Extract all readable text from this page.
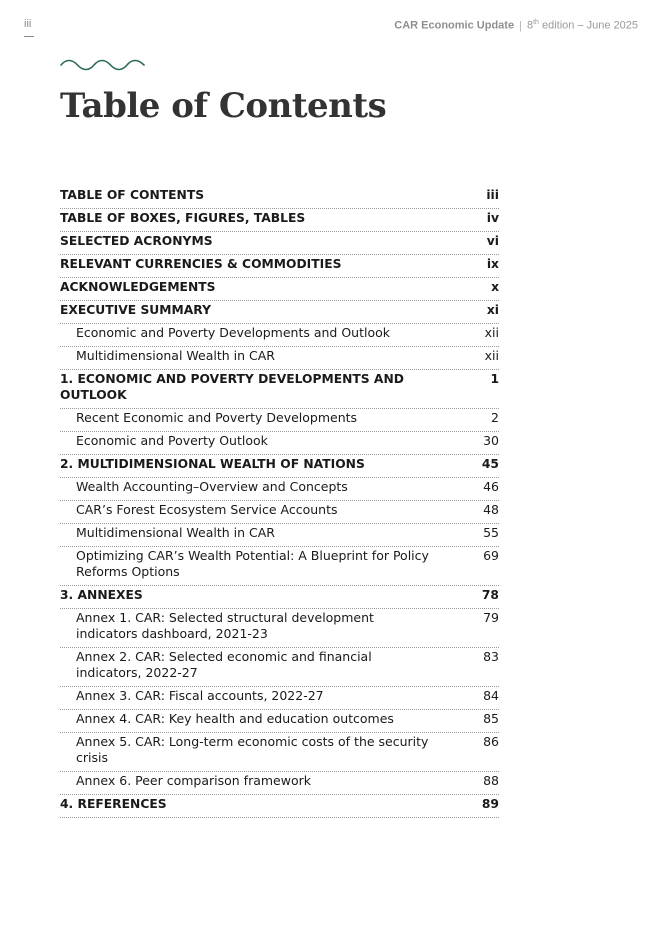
iii	CAR Economic Update | 8th edition – June 2025
Table of Contents
TABLE OF CONTENTS	iii
TABLE OF BOXES, FIGURES, TABLES	iv
SELECTED ACRONYMS	vi
RELEVANT CURRENCIES & COMMODITIES	ix
ACKNOWLEDGEMENTS	x
EXECUTIVE SUMMARY	xi
Economic and Poverty Developments and Outlook	xii
Multidimensional Wealth in CAR	xii
1. ECONOMIC AND POVERTY DEVELOPMENTS AND OUTLOOK
1
Recent Economic and Poverty Developments	2
Economic and Poverty Outlook	30
2. MULTIDIMENSIONAL WEALTH OF NATIONS	45
Wealth Accounting–Overview and Concepts	46
CAR’s Forest Ecosystem Service Accounts	48
Multidimensional Wealth in CAR	55
Optimizing CAR’s Wealth Potential: A Blueprint for Policy Reforms Options
69
3. ANNEXES	78
Annex 1. CAR: Selected structural development indicators dashboard, 2021-23
79
Annex 2. CAR: Selected economic and financial indicators, 2022-27
83
Annex 3. CAR: Fiscal accounts, 2022-27	84
Annex 4. CAR: Key health and education outcomes	85
Annex 5. CAR: Long-term economic costs of the security crisis
86
Annex 6. Peer comparison framework	88
4. REFERENCES	89
